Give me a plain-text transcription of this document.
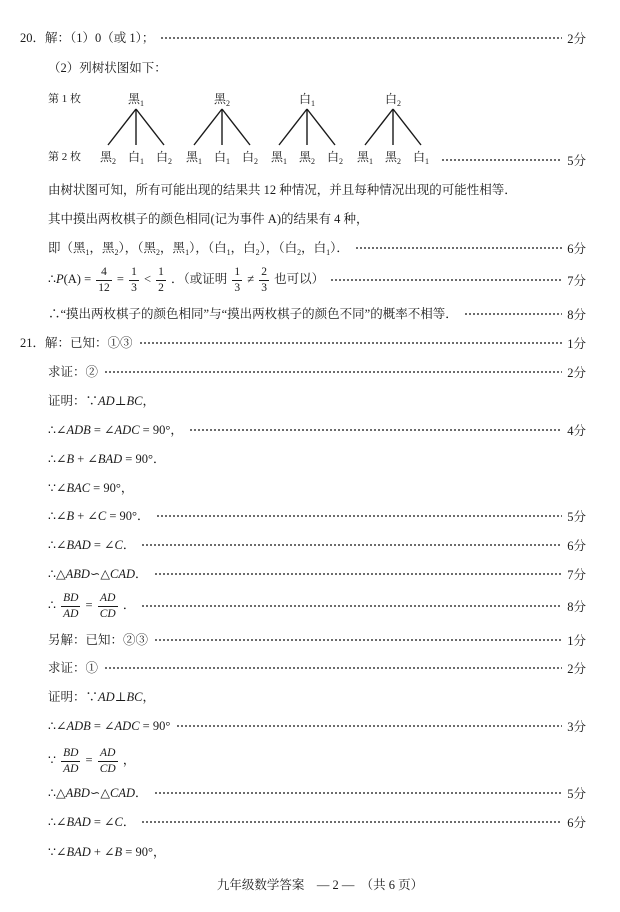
20．解：（1）0（或 1）；	2分
（2）列树状图如下：
第 1 枚
第 2 枚
黑$_1$
黑$_2$ 白$_1$ 白$_2$
黑$_2$
黑$_1$ 白$_1$ 白$_2$
白$_1$
黑$_1$ 黑$_2$ 白$_2$
白$_2$
黑$_1$ 黑$_2$ 白$_1$	5分
由树状图可知，所有可能出现的结果共 12 种情况，并且每种情况出现的可能性相等．
其中摸出两枚棋子的颜色相同(记为事件 A)的结果有 4 种，
即（黑$_1$，黑$_2$），（黑$_2$，黑$_1$），（白$_1$，白$_2$），（白$_2$，白$_1$）．	6分
∴P(A) = $\frac{4}{12} = \frac{1}{3} < \frac{1}{2}$ ．（或证明 $\frac{1}{3} \ne \frac{2}{3}$ 也可以）	7分
∴“摸出两枚棋子的颜色相同”与“摸出两枚棋子的颜色不同”的概率不相等．	8分
21．解：已知：①③	1分
求证：②	2分
证明：∵AD⊥BC，
∴∠ADB = ∠ADC = 90°，	4分
∴∠B + ∠BAD = 90°．
∵∠BAC = 90°，
∴∠B + ∠C = 90°．	5分
∴∠BAD = ∠C．	6分
∴△ABD∽△CAD．	7分
∴ $\frac{BD}{AD} = \frac{AD}{CD}$ ．	8分
另解：已知：②③	1分
求证：①	2分
证明：∵AD⊥BC，
∴∠ADB = ∠ADC = 90°	3分
∵ $\frac{BD}{AD} = \frac{AD}{CD}$ ，
∴△ABD∽△CAD．	5分
∴∠BAD = ∠C．	6分
∵∠BAD + ∠B = 90°，
九年级数学答案　— 2 —　（共 6 页）
